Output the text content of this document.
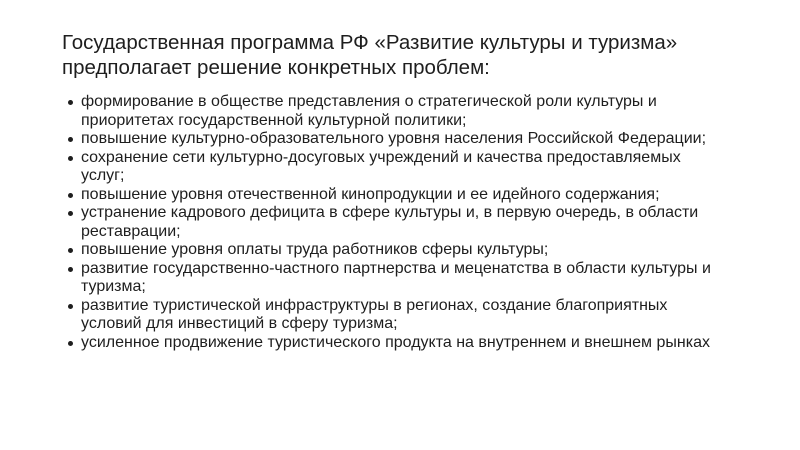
Государственная программа РФ «Развитие культуры и туризма» предполагает решение конкретных проблем:
формирование в обществе представления о стратегической роли культуры и приоритетах государственной культурной политики;
повышение культурно-образовательного уровня населения Российской Федерации;
сохранение сети культурно-досуговых учреждений и качества предоставляемых услуг;
повышение уровня отечественной кинопродукции и ее идейного содержания;
устранение кадрового дефицита в сфере культуры и, в первую очередь, в области реставрации;
повышение уровня оплаты труда работников сферы культуры;
развитие государственно-частного партнерства и меценатства в области культуры и туризма;
развитие туристической инфраструктуры в регионах, создание благоприятных условий для инвестиций в сферу туризма;
усиленное продвижение туристического продукта на внутреннем и внешнем рынках
